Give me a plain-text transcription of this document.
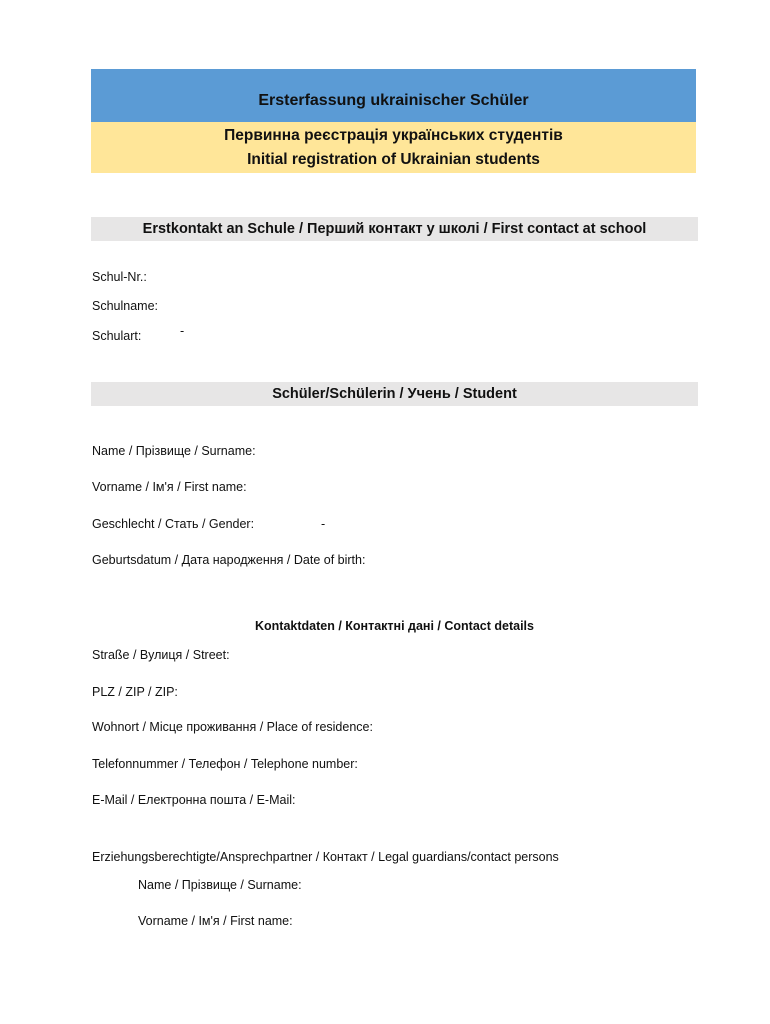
Ersterfassung ukrainischer Schüler
Первинна реєстрація українських студентів
Initial registration of Ukrainian students
Erstkontakt an Schule / Перший контакт у школі / First contact at school
Schul-Nr.:
Schulname:
Schulart:	-
Schüler/Schülerin / Учень / Student
Name / Прізвище / Surname:
Vorname / Ім'я / First name:
Geschlecht / Стать / Gender:	-
Geburtsdatum / Дата народження / Date of birth:
Kontaktdaten / Контактні дані / Contact details
Straße / Вулиця / Street:
PLZ / ZIP / ZIP:
Wohnort / Місце проживання / Place of residence:
Telefonnummer / Телефон / Telephone number:
E-Mail / Електронна пошта / E-Mail:
Erziehungsberechtigte/Ansprechpartner / Контакт / Legal guardians/contact persons
Name / Прізвище / Surname:
Vorname / Ім'я / First name:
